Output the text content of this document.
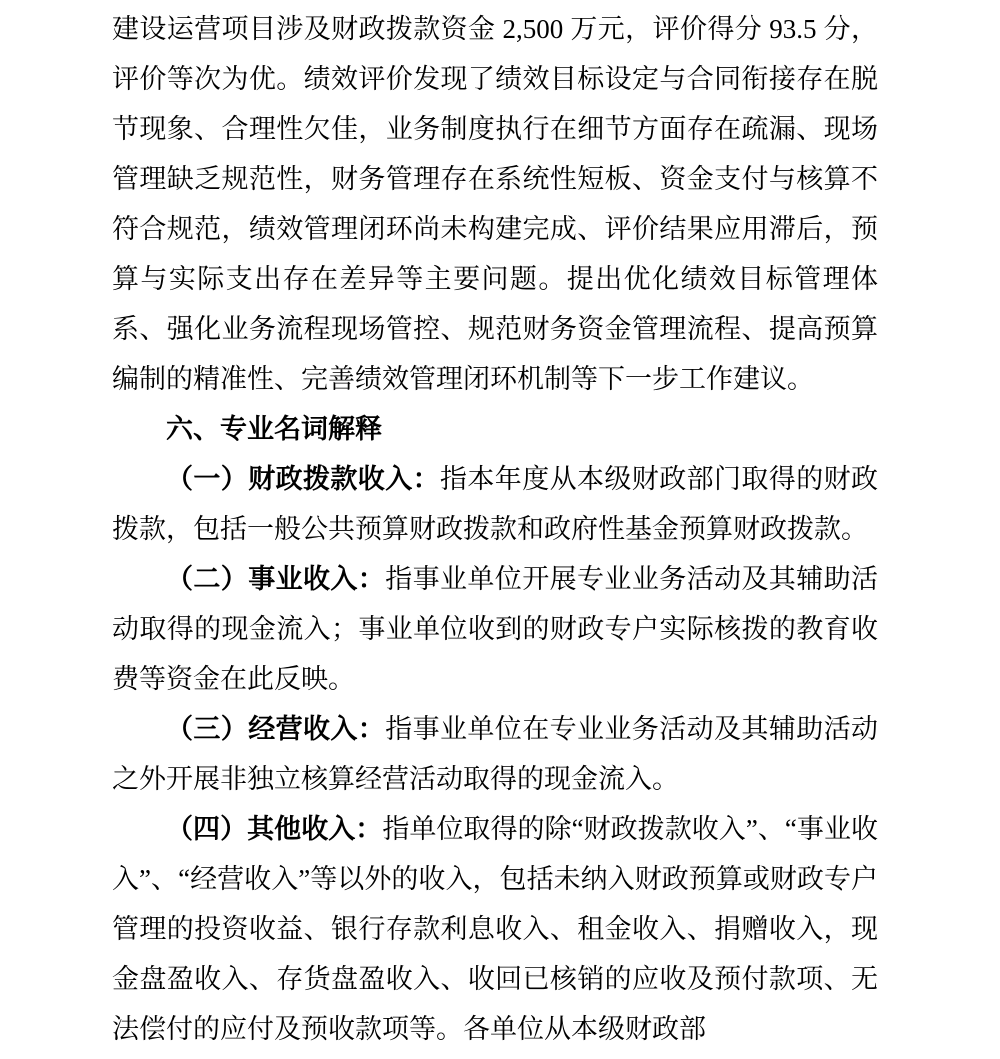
建设运营项目涉及财政拨款资金 2,500 万元，评价得分 93.5 分，评价等次为优。绩效评价发现了绩效目标设定与合同衔接存在脱节现象、合理性欠佳，业务制度执行在细节方面存在疏漏、现场管理缺乏规范性，财务管理存在系统性短板、资金支付与核算不符合规范，绩效管理闭环尚未构建完成、评价结果应用滞后，预算与实际支出存在差异等主要问题。提出优化绩效目标管理体系、强化业务流程现场管控、规范财务资金管理流程、提高预算编制的精准性、完善绩效管理闭环机制等下一步工作建议。

六、专业名词解释

（一）财政拨款收入：指本年度从本级财政部门取得的财政拨款，包括一般公共预算财政拨款和政府性基金预算财政拨款。

（二）事业收入：指事业单位开展专业业务活动及其辅助活动取得的现金流入；事业单位收到的财政专户实际核拨的教育收费等资金在此反映。

（三）经营收入：指事业单位在专业业务活动及其辅助活动之外开展非独立核算经营活动取得的现金流入。

（四）其他收入：指单位取得的除“财政拨款收入”、“事业收入”、“经营收入”等以外的收入，包括未纳入财政预算或财政专户管理的投资收益、银行存款利息收入、租金收入、捐赠收入，现金盘盈收入、存货盘盈收入、收回已核销的应收及预付款项、无法偿付的应付及预收款项等。各单位从本级财政部
